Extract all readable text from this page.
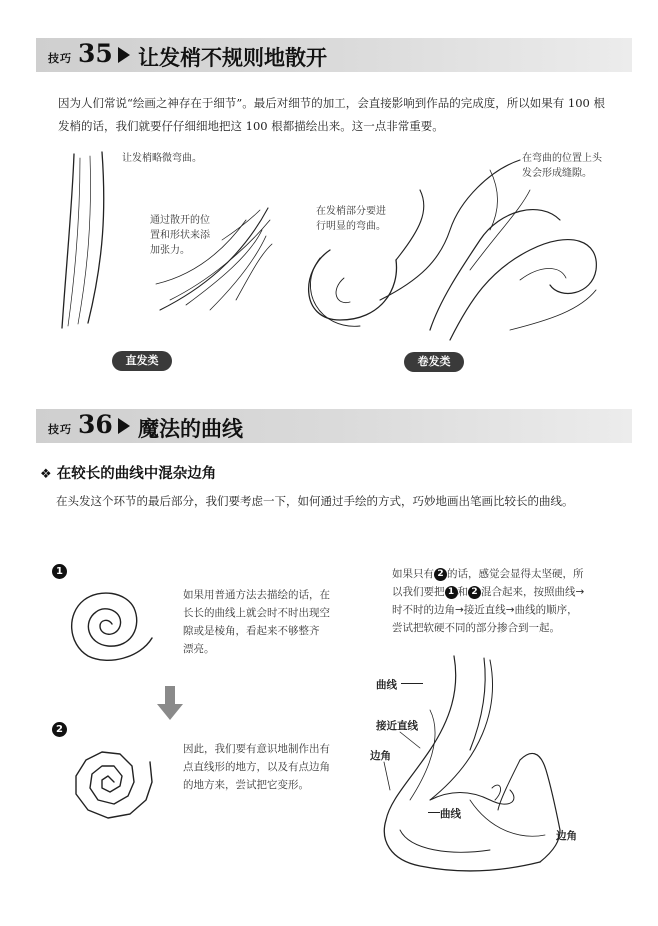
技巧 35 让发梢不规则地散开
因为人们常说“绘画之神存在于细节”。最后对细节的加工，会直接影响到作品的完成度，所以如果有 100 根发梢的话，我们就要仔仔细细地把这 100 根都描绘出来。这一点非常重要。
让发梢略微弯曲。
通过散开的位
置和形状来添
加张力。
在发梢部分要进
行明显的弯曲。
在弯曲的位置上头
发会形成缝隙。
直发类	卷发类
技巧 36 魔法的曲线
❖ 在较长的曲线中混杂边角
在头发这个环节的最后部分，我们要考虑一下，如何通过手绘的方式，巧妙地画出笔画比较长的曲线。
1
如果用普通方法去描绘的话，在
长长的曲线上就会时不时出现空
隙或是棱角，看起来不够整齐
漂亮。
2
因此，我们要有意识地制作出有
点直线形的地方，以及有点边角
的地方来，尝试把它变形。
如果只有 2 的话，感觉会显得太坚硬，所
以我们要把 1 和 2 混合起来，按照曲线→
时不时的边角→接近直线→曲线的顺序，
尝试把软硬不同的部分掺合到一起。
曲线
接近直线
边角
曲线
边角
